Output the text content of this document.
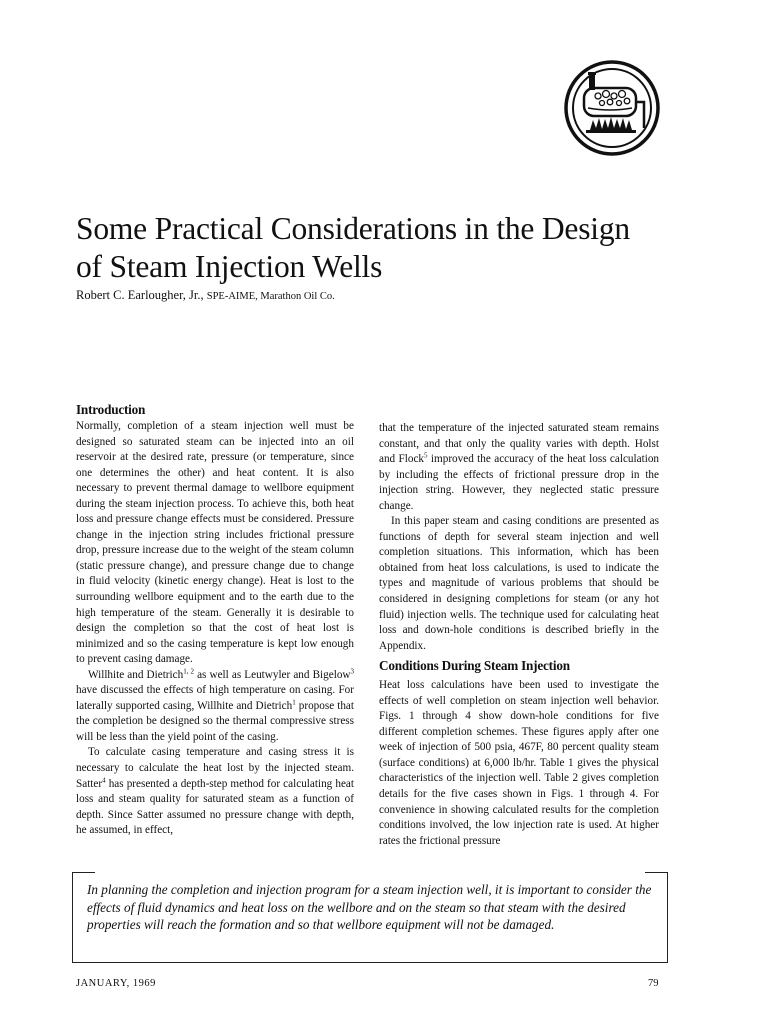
Some Practical Considerations in the Design
of Steam Injection Wells
Robert C. Earlougher, Jr., SPE-AIME, Marathon Oil Co.
Introduction

Normally, completion of a steam injection well must be designed so saturated steam can be injected into an oil reservoir at the desired rate, pressure (or temperature, since one determines the other) and heat content. It is also necessary to prevent thermal damage to wellbore equipment during the steam injection process. To achieve this, both heat loss and pressure change effects must be considered. Pressure change in the injection string includes frictional pressure drop, pressure increase due to the weight of the steam column (static pressure change), and pressure change due to change in fluid velocity (kinetic energy change). Heat is lost to the surrounding wellbore equipment and to the earth due to the high temperature of the steam. Generally it is desirable to design the completion so that the cost of heat lost is minimized and so the casing temperature is kept low enough to prevent casing damage.

Willhite and Dietrich$^{1, 2}$ as well as Leutwyler and Bigelow$^3$ have discussed the effects of high temperature on casing. For laterally supported casing, Willhite and Dietrich$^1$ propose that the completion be designed so the thermal compressive stress will be less than the yield point of the casing.

To calculate casing temperature and casing stress it is necessary to calculate the heat lost by the injected steam. Satter$^4$ has presented a depth-step method for calculating heat loss and steam quality for saturated steam as a function of depth. Since Satter assumed no pressure change with depth, he assumed, in effect,

that the temperature of the injected saturated steam remains constant, and that only the quality varies with depth. Holst and Flock$^5$ improved the accuracy of the heat loss calculation by including the effects of frictional pressure drop in the injection string. However, they neglected static pressure change.

In this paper steam and casing conditions are presented as functions of depth for several steam injection and well completion situations. This information, which has been obtained from heat loss calculations, is used to indicate the types and magnitude of various problems that should be considered in designing completions for steam (or any hot fluid) injection wells. The technique used for calculating heat loss and down-hole conditions is described briefly in the Appendix.

Conditions During Steam Injection

Heat loss calculations have been used to investigate the effects of well completion on steam injection well behavior. Figs. 1 through 4 show down-hole conditions for five different completion schemes. These figures apply after one week of injection of 500 psia, 467F, 80 percent quality steam (surface conditions) at 6,000 lb/hr. Table 1 gives the physical characteristics of the injection well. Table 2 gives completion details for the five cases shown in Figs. 1 through 4. For convenience in showing calculated results for the completion conditions involved, the low injection rate is used. At higher rates the frictional pressure

In planning the completion and injection program for a steam injection well, it is important to consider the effects of fluid dynamics and heat loss on the wellbore and on the steam so that steam with the desired properties will reach the formation and so that wellbore equipment will not be damaged.

JANUARY, 1969	79
